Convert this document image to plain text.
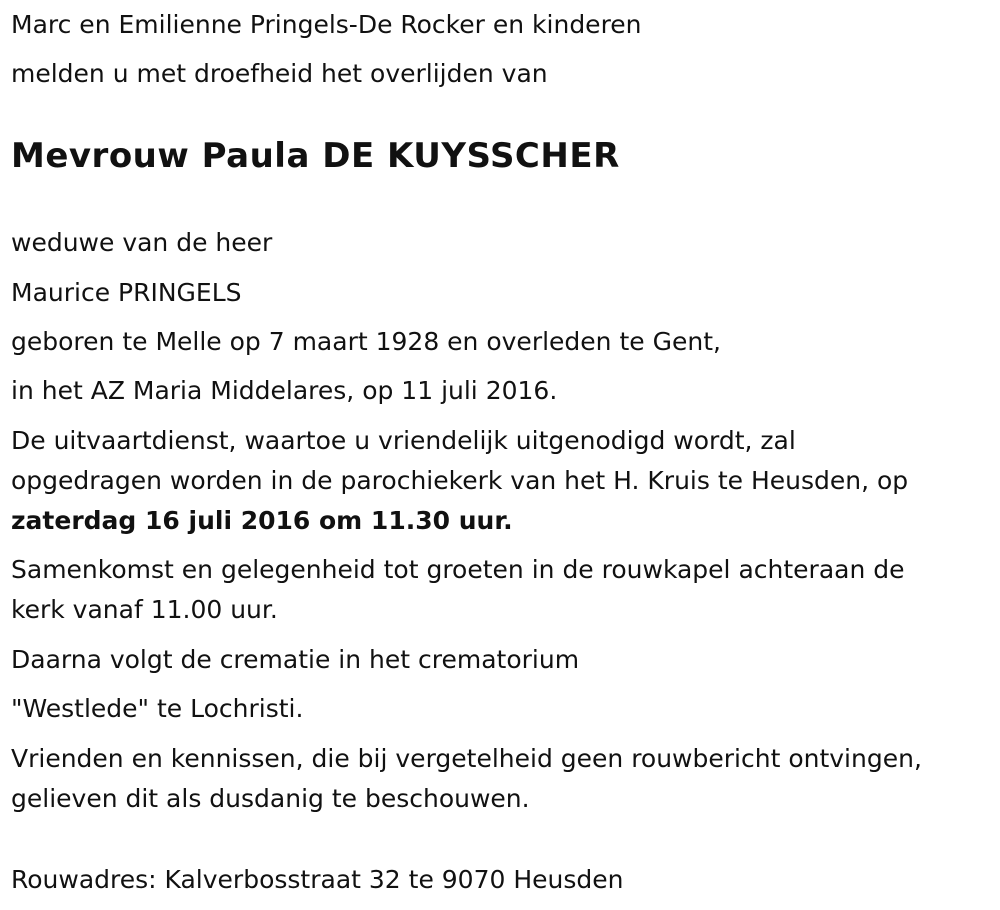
Marc en Emilienne Pringels-De Rocker en kinderen

melden u met droefheid het overlijden van

Mevrouw Paula DE KUYSSCHER

weduwe van de heer

Maurice PRINGELS

geboren te Melle op 7 maart 1928 en overleden te Gent,

in het AZ Maria Middelares, op 11 juli 2016.

De uitvaartdienst, waartoe u vriendelijk uitgenodigd wordt, zal

opgedragen worden in de parochiekerk van het H. Kruis te Heusden, op

zaterdag 16 juli 2016 om 11.30 uur.

Samenkomst en gelegenheid tot groeten in de rouwkapel achteraan de

kerk vanaf 11.00 uur.

Daarna volgt de crematie in het crematorium

"Westlede" te Lochristi.

Vrienden en kennissen, die bij vergetelheid geen rouwbericht ontvingen,

gelieven dit als dusdanig te beschouwen.

Rouwadres: Kalverbosstraat 32 te 9070 Heusden
